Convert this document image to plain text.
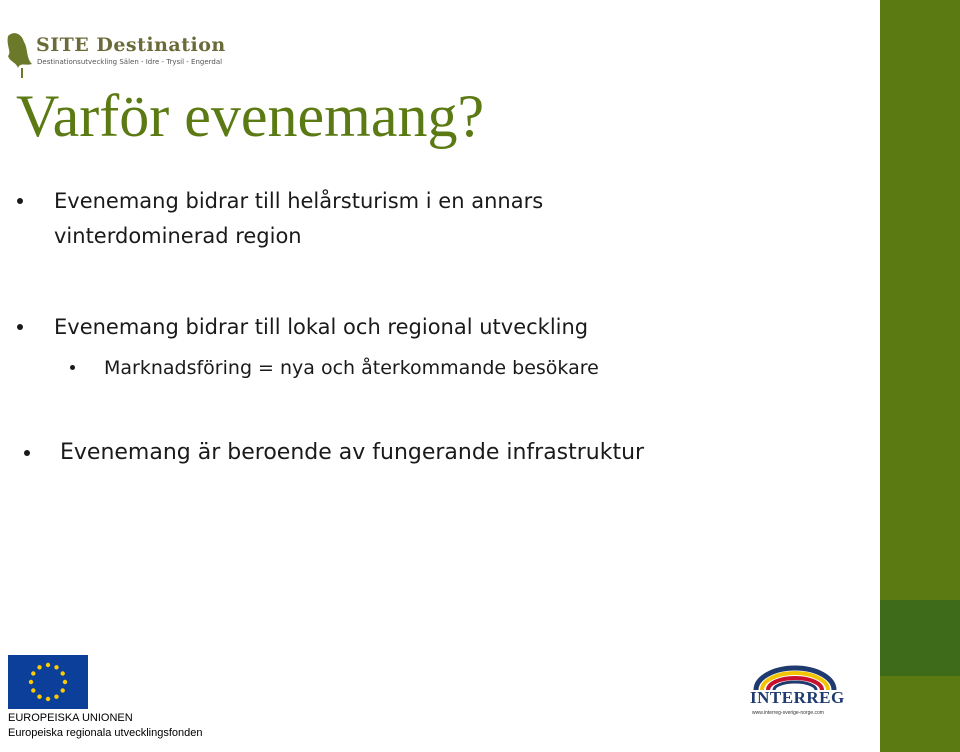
SITE Destination
Destinationsutveckling Sälen - Idre - Trysil - Engerdal
Varför evenemang?
Evenemang bidrar till helårsturism i en annars
vinterdominerad region
Evenemang bidrar till lokal och regional utveckling
Marknadsföring = nya och återkommande besökare
Evenemang är beroende av fungerande infrastruktur
EUROPEISKA UNIONEN
Europeiska regionala utvecklingsfonden
INTERREG
www.interreg-sverige-norge.com
